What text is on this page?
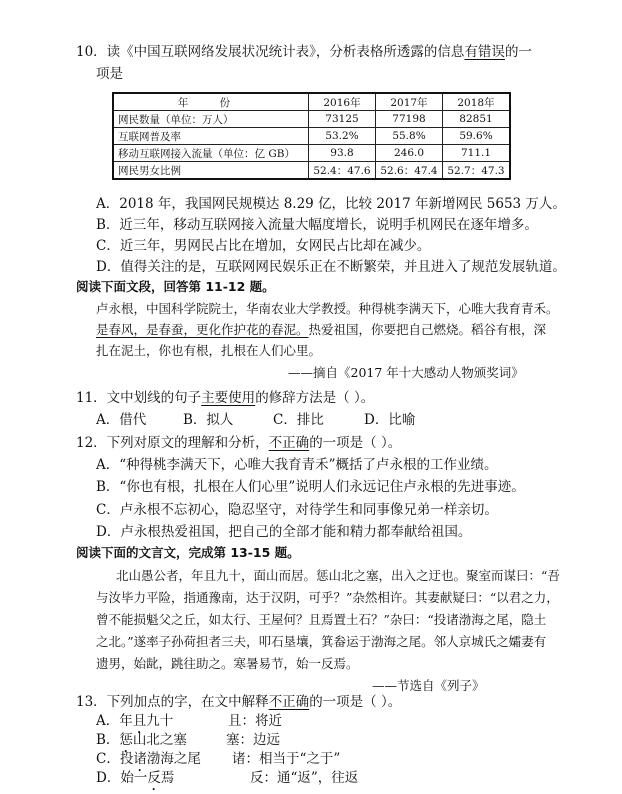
10．读《中国互联网络发展状况统计表》，分析表格所透露的信息有错误的一
项是
年 份	2016年	2017年	2018年
网民数量（单位：万人）	73125	77198	82851
互联网普及率	53.2%	55.8%	59.6%
移动互联网接入流量（单位：亿 GB）	93.8	246.0	711.1
网民男女比例	52.4：47.6	52.6：47.4	52.7：47.3
A．2018 年，我国网民规模达 8.29 亿，比较 2017 年新增网民 5653 万人。
B．近三年，移动互联网接入流量大幅度增长，说明手机网民在逐年增多。
C．近三年，男网民占比在增加，女网民占比却在减少。
D．值得关注的是，互联网网民娱乐正在不断繁荣，并且进入了规范发展轨道。
阅读下面文段，回答第 11-12 题。
卢永根，中国科学院院士，华南农业大学教授。种得桃李满天下，心唯大我育青禾。
是春风，是春蚕，更化作护花的春泥。热爱祖国，你要把自己燃烧。稻谷有根，深
扎在泥土，你也有根，扎根在人们心里。
——摘自《2017 年十大感动人物颁奖词》
11．文中划线的句子主要使用的修辞方法是（ ）。
A．借代	B．拟人	C．排比	D．比喻
12．下列对原文的理解和分析，不正确的一项是（ ）。
A．“种得桃李满天下，心唯大我育青禾”概括了卢永根的工作业绩。
B．“你也有根，扎根在人们心里”说明人们永远记住卢永根的先进事迹。
C．卢永根不忘初心，隐忍坚守，对待学生和同事像兄弟一样亲切。
D．卢永根热爱祖国，把自己的全部才能和精力都奉献给祖国。
阅读下面的文言文，完成第 13-15 题。
北山愚公者，年且九十，面山而居。惩山北之塞，出入之迂也。聚室而谋曰：“吾
与汝毕力平险，指通豫南，达于汉阴，可乎？”杂然相许。其妻献疑曰：“以君之力，
曾不能损魁父之丘，如太行、王屋何？且焉置土石？”杂曰：“投诸渤海之尾，隐土
之北。”遂率子孙荷担者三夫，叩石垦壤，箕畚运于渤海之尾。邻人京城氏之孀妻有
遗男，始龀，跳往助之。寒暑易节，始一反焉。
——节选自《列子》
13．下列加点的字，在文中解释不正确的一项是（ ）。
A．年且九十	且：将近
B．惩山北之塞	塞：边远
C．投诸渤海之尾 诸：相当于“之于”
D．始一反焉	反：通“返”，往返
